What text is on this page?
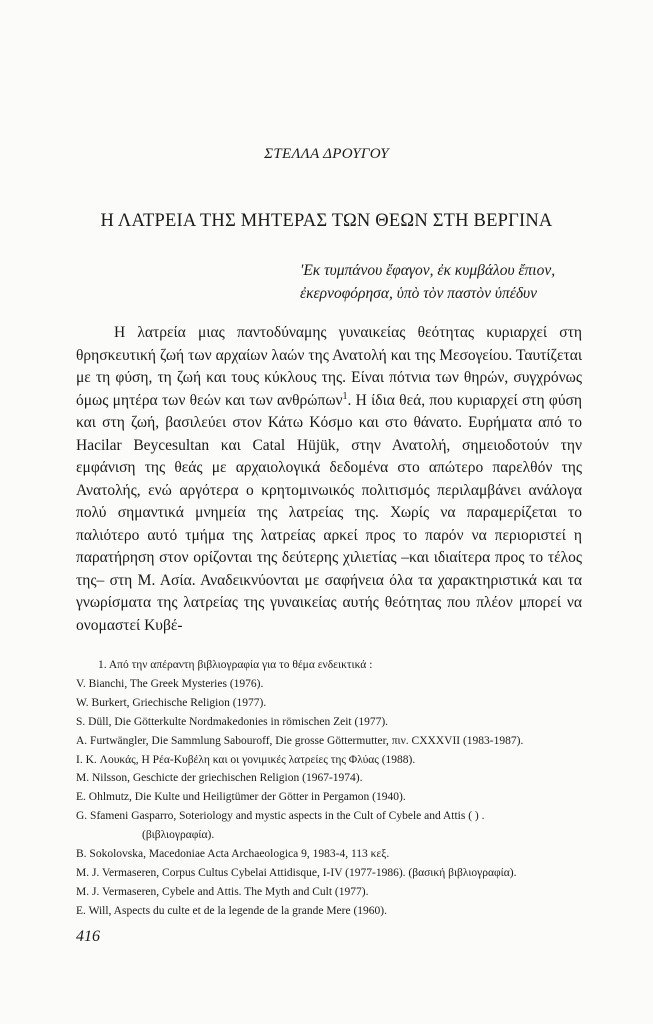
ΣΤΕΛΛΑ ΔΡΟΥΓΟΥ
Η ΛΑΤΡΕΙΑ ΤΗΣ ΜΗΤΕΡΑΣ ΤΩΝ ΘΕΩΝ ΣΤΗ ΒΕΡΓΙΝΑ
'Εκ τυμπάνου ἔφαγον, ἐκ κυμβάλου ἔπιον,
ἐκερνοφόρησα, ὑπὸ τὸν παστὸν ὑπέδυν

Η λατρεία μιας παντοδύναμης γυναικείας θεότητας κυριαρχεί στη θρησκευτική ζωή των αρχαίων λαών της Ανατολή και της Μεσογείου. Ταυτίζεται με τη φύση, τη ζωή και τους κύκλους της. Είναι πότνια των θηρών, συγχρόνως όμως μητέρα των θεών και των ανθρώπων$^1$. Η ίδια θεά, που κυριαρχεί στη φύση και στη ζωή, βασιλεύει στον Κάτω Κόσμο και στο θάνατο. Ευρήματα από το Hacilar Beycesultan και Catal Hüjük, στην Ανατολή, σημειοδοτούν την εμφάνιση της θεάς με αρχαιολογικά δεδομένα στο απώτερο παρελθόν της Ανατολής, ενώ αργότερα ο κρητομινωικός πολιτισμός περιλαμβάνει ανάλογα πολύ σημαντικά μνημεία της λατρείας της. Χωρίς να παραμερίζεται το παλιότερο αυτό τμήμα της λατρείας αρκεί προς το παρόν να περιοριστεί η παρατήρηση στον ορίζονται της δεύτερης χιλιετίας –και ιδιαίτερα προς το τέλος της– στη Μ. Ασία. Αναδεικνύονται με σαφήνεια όλα τα χαρακτηριστικά και τα γνωρίσματα της λατρείας της γυναικείας αυτής θεότητας που πλέον μπορεί να ονομαστεί Κυβέ-

1. Από την απέραντη βιβλιογραφία για το θέμα ενδεικτικά :
V. Bianchi, The Greek Mysteries (1976).
W. Burkert, Griechische Religion (1977).
S. Düll, Die Götterkulte Nordmakedonies in römischen Zeit (1977).
A. Furtwängler, Die Sammlung Sabouroff, Die grosse Göttermutter, πιν. CXXXVII (1983-1987).
I. K. Λουκάς, Η Ρέα-Κυβέλη και οι γονιμικές λατρείες της Φλύας (1988).
M. Nilsson, Geschicte der griechischen Religion (1967-1974).
E. Ohlmutz, Die Kulte und Heiligtümer der Götter in Pergamon (1940).
G. Sfameni Gasparro, Soteriology and mystic aspects in the Cult of Cybele and Attis ( ) .
(βιβλιογραφία).
B. Sokolovska, Macedoniae Acta Archaeologica 9, 1983-4, 113 κεξ.
M. J. Vermaseren, Corpus Cultus Cybelai Attidisque, I-IV (1977-1986). (βασική βιβλιογραφία).
M. J. Vermaseren, Cybele and Attis. The Myth and Cult (1977).
E. Will, Aspects du culte et de la legende de la grande Mere (1960).
416
